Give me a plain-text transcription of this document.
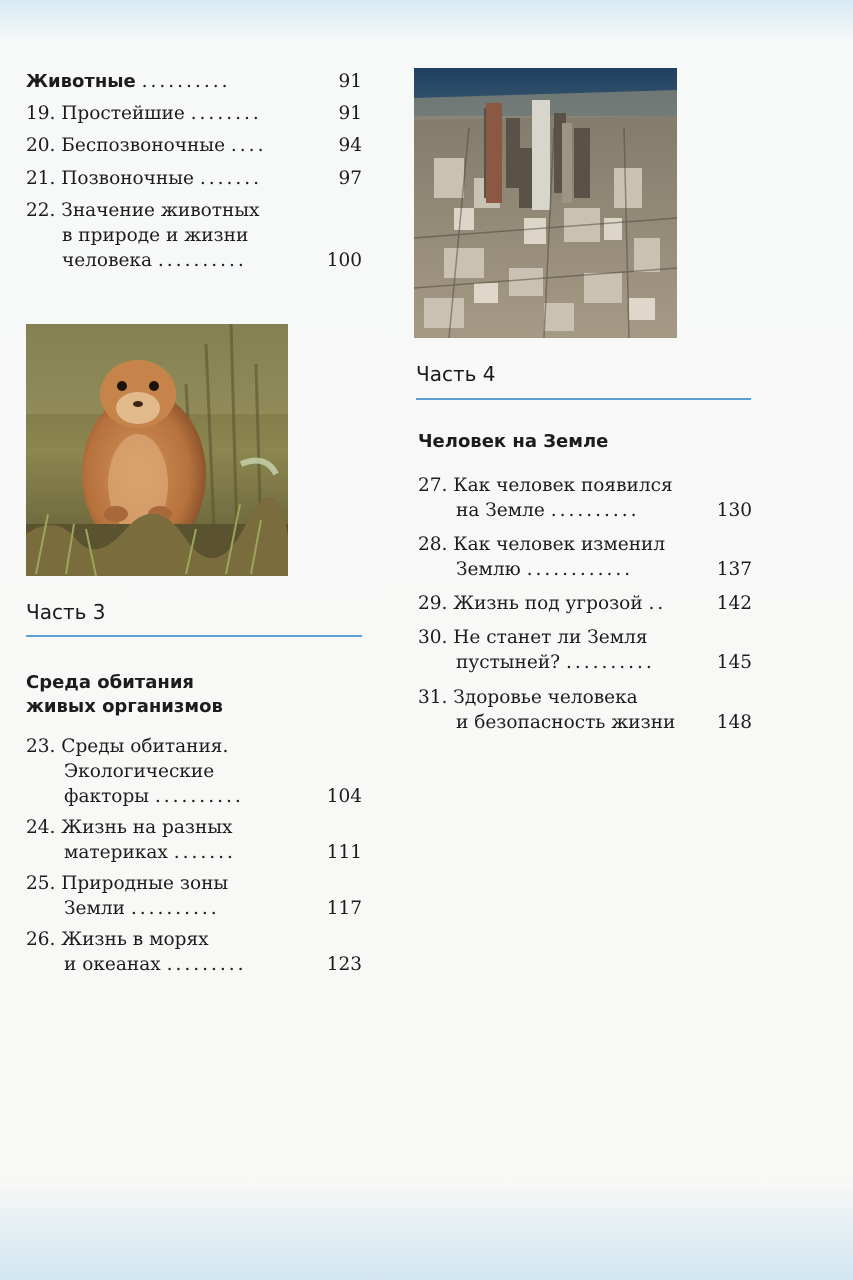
Животные ..........	91
19. Простейшие ........	91
20. Беспозвоночные ....	94
21. Позвоночные .......	97
22. Значение животных
в природе и жизни
человека ..........	100
Часть 3
Среда обитания
живых организмов
23. Среды обитания.
Экологические
факторы ..........	104
24. Жизнь на разных
материках .......	111
25. Природные зоны
Земли ..........	117
26. Жизнь в морях
и океанах .........	123
Часть 4
Человек на Земле
27. Как человек появился
на Земле ..........	130
28. Как человек изменил
Землю ............	137
29. Жизнь под угрозой ..	142
30. Не станет ли Земля
пустыней? ..........	145
31. Здоровье человека
и безопасность жизни 148
